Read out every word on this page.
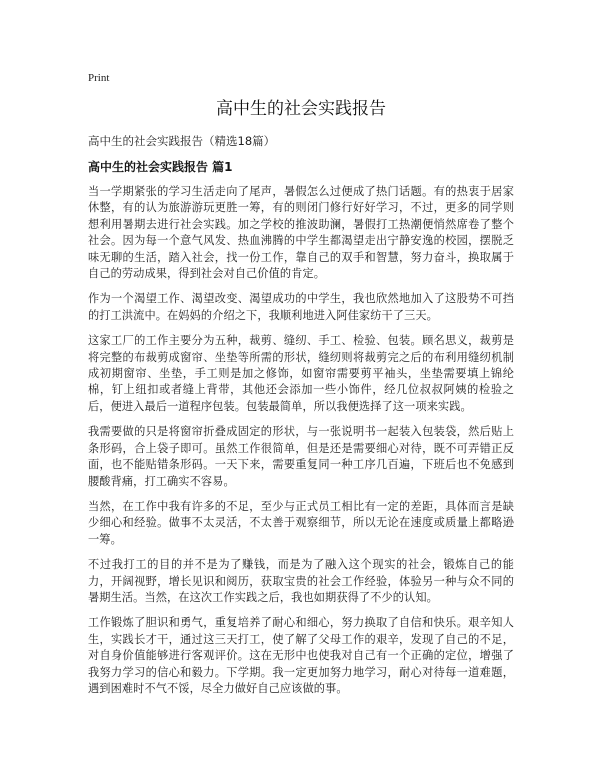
Print
高中生的社会实践报告

高中生的社会实践报告（精选18篇）

高中生的社会实践报告 篇1

当一学期紧张的学习生活走向了尾声，暑假怎么过便成了热门话题。有的热衷于居家休整，有的认为旅游游玩更胜一筹，有的则闭门修行好好学习，不过，更多的同学则想利用暑期去进行社会实践。加之学校的推波助澜，暑假打工热潮便悄然席卷了整个社会。因为每一个意气风发、热血沸腾的中学生都渴望走出宁静安逸的校园，摆脱乏味无聊的生活，踏入社会，找一份工作，靠自己的双手和智慧，努力奋斗，换取属于自己的劳动成果，得到社会对自己价值的肯定。

作为一个渴望工作、渴望改变、渴望成功的中学生，我也欣然地加入了这股势不可挡的打工洪流中。在妈妈的介绍之下，我顺利地进入阿佳家纺干了三天。

这家工厂的工作主要分为五种，裁剪、缝纫、手工、检验、包装。顾名思义，裁剪是将完整的布裁剪成窗帘、坐垫等所需的形状，缝纫则将裁剪完之后的布利用缝纫机制成初期窗帘、坐垫，手工则是加之修饰，如窗帘需要剪平袖头，坐垫需要填上锦纶棉，钉上纽扣或者缝上背带，其他还会添加一些小饰件，经几位叔叔阿姨的检验之后，便进入最后一道程序包装。包装最简单，所以我便选择了这一项来实践。

我需要做的只是将窗帘折叠成固定的形状，与一张说明书一起装入包装袋，然后贴上条形码，合上袋子即可。虽然工作很简单，但是还是需要细心对待，既不可弄错正反面，也不能贴错条形码。一天下来，需要重复同一种工序几百遍，下班后也不免感到腰酸背痛，打工确实不容易。

当然，在工作中我有许多的不足，至少与正式员工相比有一定的差距，具体而言是缺少细心和经验。做事不太灵活，不太善于观察细节，所以无论在速度或质量上都略逊一筹。

不过我打工的目的并不是为了赚钱，而是为了融入这个现实的社会，锻炼自己的能力，开阔视野，增长见识和阅历，获取宝贵的社会工作经验，体验另一种与众不同的暑期生活。当然，在这次工作实践之后，我也如期获得了不少的认知。

工作锻炼了胆识和勇气，重复培养了耐心和细心，努力换取了自信和快乐。艰辛知人生，实践长才干，通过这三天打工，使了解了父母工作的艰辛，发现了自己的不足，对自身价值能够进行客观评价。这在无形中也使我对自己有一个正确的定位，增强了我努力学习的信心和毅力。下学期。我一定更加努力地学习，耐心对待每一道难题，遇到困难时不气不馁，尽全力做好自己应该做的事。
